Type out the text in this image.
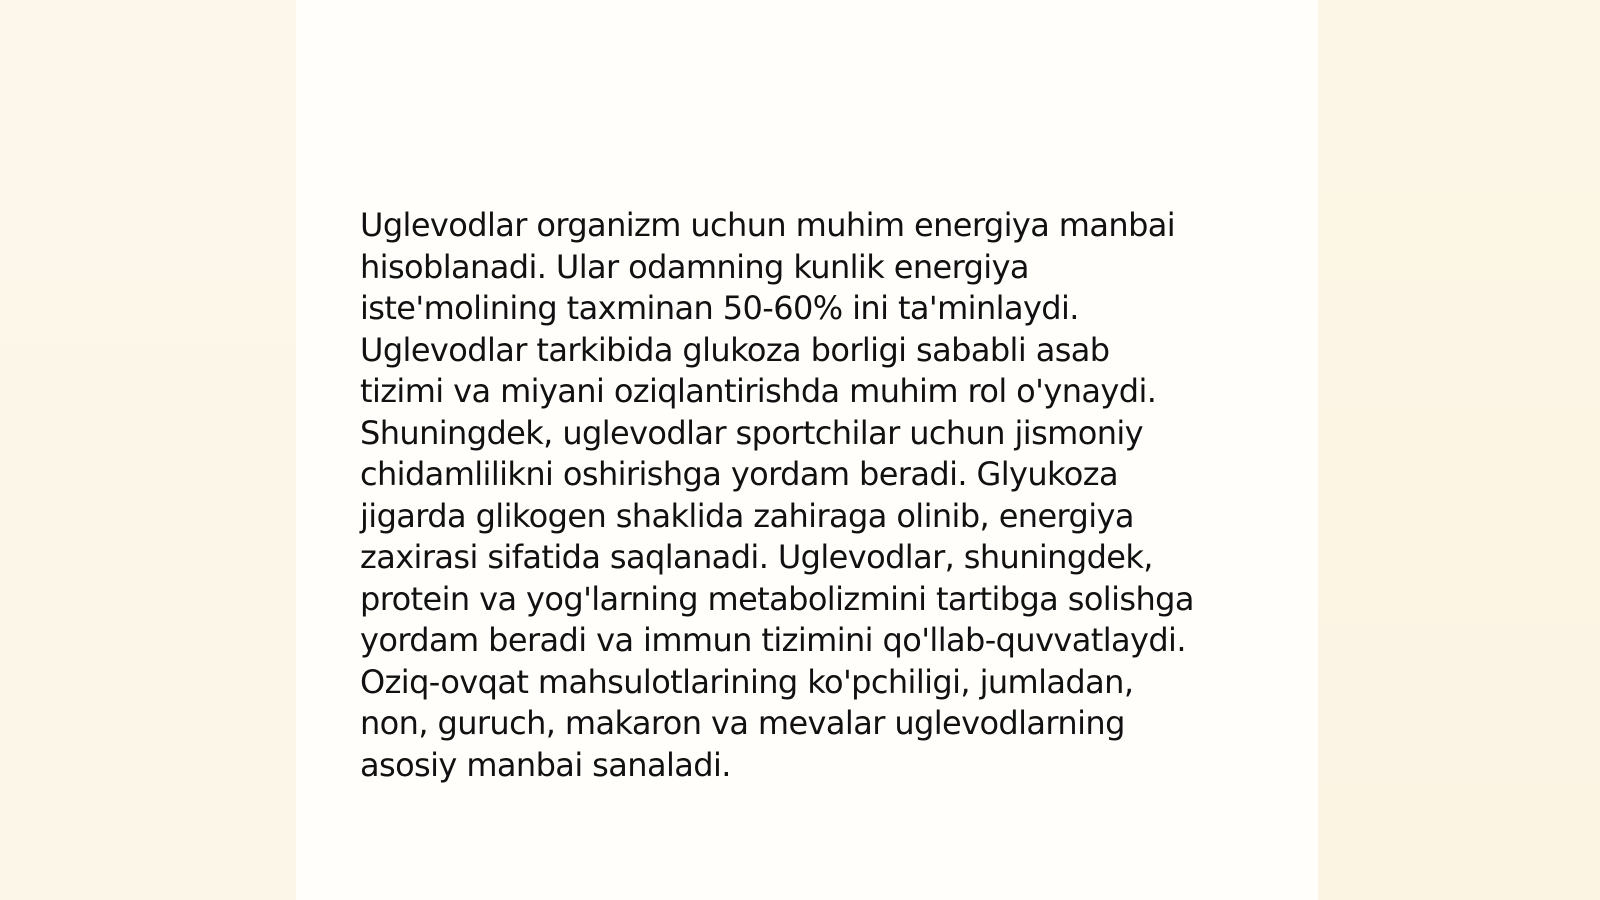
Uglevodlar organizm uchun muhim energiya manbai
hisoblanadi. Ular odamning kunlik energiya
iste'molining taxminan 50-60% ini ta'minlaydi.
Uglevodlar tarkibida glukoza borligi sababli asab
tizimi va miyani oziqlantirishda muhim rol o'ynaydi.
Shuningdek, uglevodlar sportchilar uchun jismoniy
chidamlilikni oshirishga yordam beradi. Glyukoza
jigarda glikogen shaklida zahiraga olinib, energiya
zaxirasi sifatida saqlanadi. Uglevodlar, shuningdek,
protein va yog'larning metabolizmini tartibga solishga
yordam beradi va immun tizimini qo'llab-quvvatlaydi.
Oziq-ovqat mahsulotlarining ko'pchiligi, jumladan,
non, guruch, makaron va mevalar uglevodlarning
asosiy manbai sanaladi.
